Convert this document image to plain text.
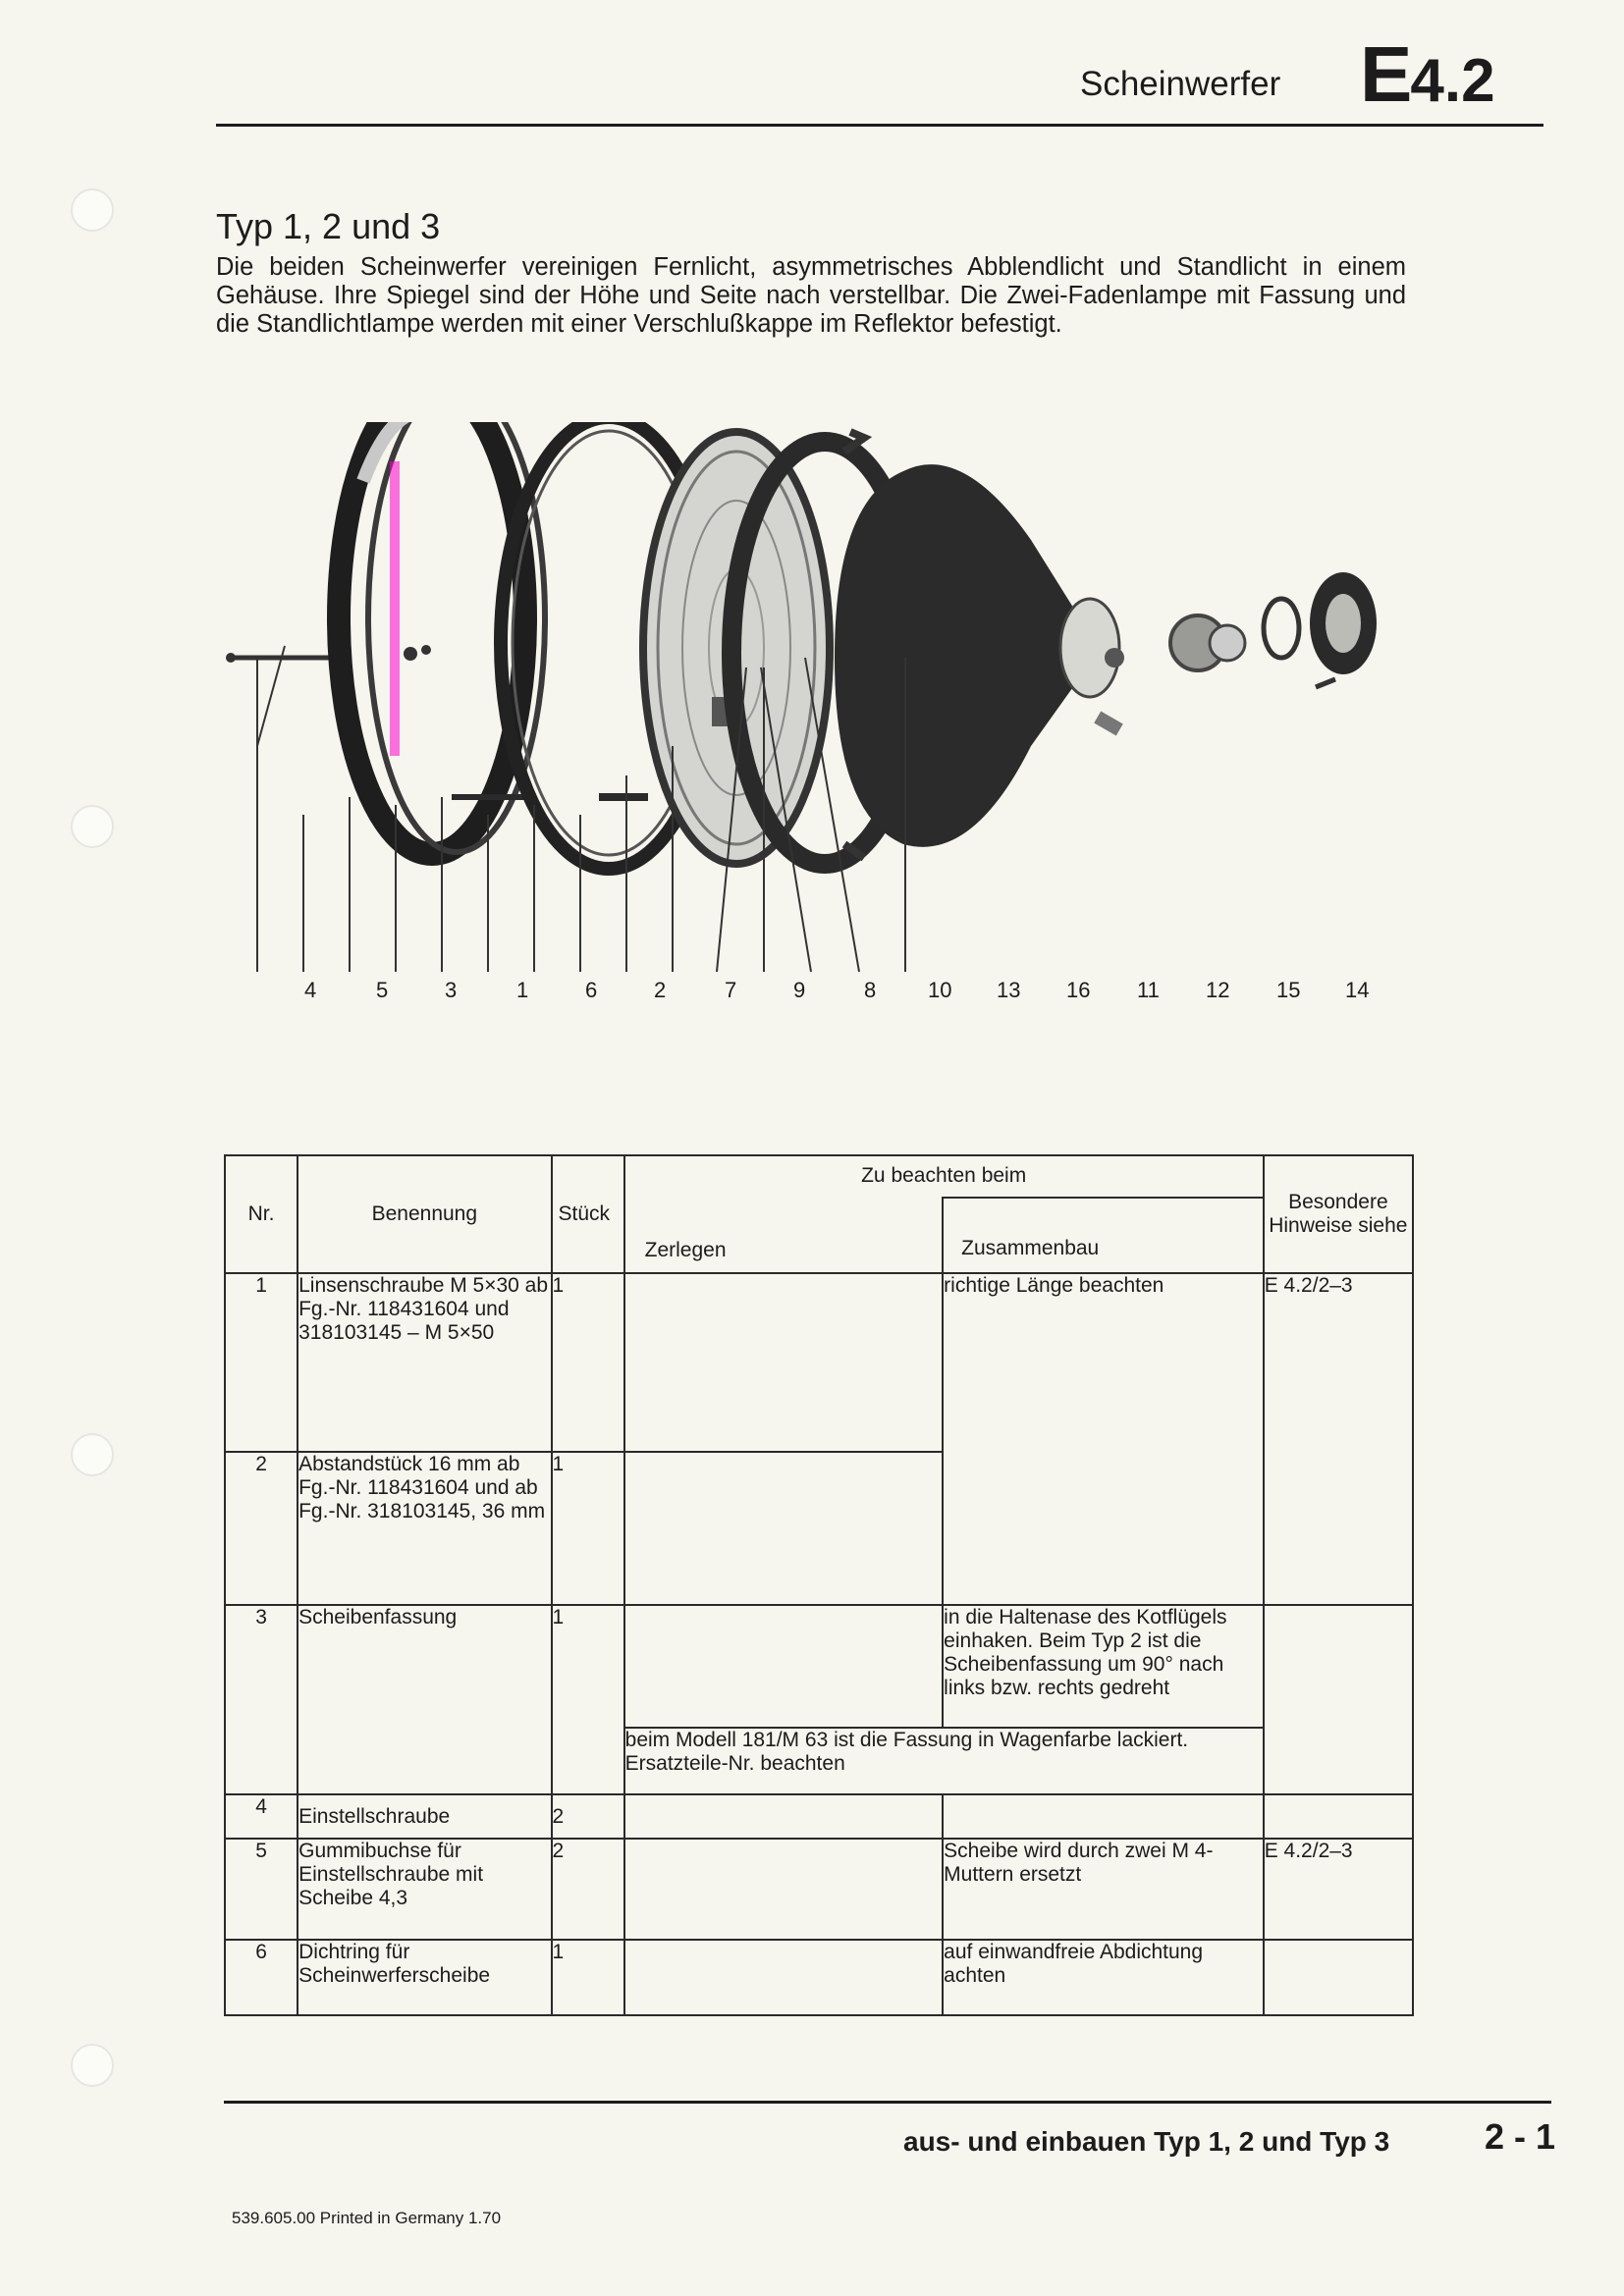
Scheinwerfer E4.2
Typ 1, 2 und 3
Die beiden Scheinwerfer vereinigen Fernlicht, asymmetrisches Abblendlicht und Standlicht in einem Gehäuse. Ihre Spiegel sind der Höhe und Seite nach verstellbar. Die Zwei-Fadenlampe mit Fassung und die Standlichtlampe werden mit einer Verschlußkappe im Reflektor befestigt.
4	5	3	1	6	2	7	9	8 10 13 16 11 12 15 14
Nr.	Benennung	Stück	Zu beachten beim		Besondere Hinweise siehe
			Zerlegen	Zusammenbau	
1	Linsenschraube M 5×30 ab Fg.-Nr. 118431604 und 318103145 – M 5×50	1		richtige Länge beachten	E 4.2/2–3
2	Abstandstück 16 mm ab Fg.-Nr. 118431604 und ab Fg.-Nr. 318103145, 36 mm	1			
3	Scheibenfassung	1		in die Haltenase des Kotflügels einhaken. Beim Typ 2 ist die Scheibenfassung um 90° nach links bzw. rechts gedreht	
			beim Modell 181/M 63 ist die Fassung in Wagenfarbe lackiert. Ersatzteile-Nr. beachten		
4	Einstellschraube	2			
5	Gummibuchse für Einstellschraube mit Scheibe 4,3	2		Scheibe wird durch zwei M 4-Muttern ersetzt	E 4.2/2–3
6	Dichtring für Scheinwerferscheibe	1		auf einwandfreie Abdichtung achten	
aus- und einbauen Typ 1, 2 und Typ 3	2 - 1
539.605.00 Printed in Germany 1.70
